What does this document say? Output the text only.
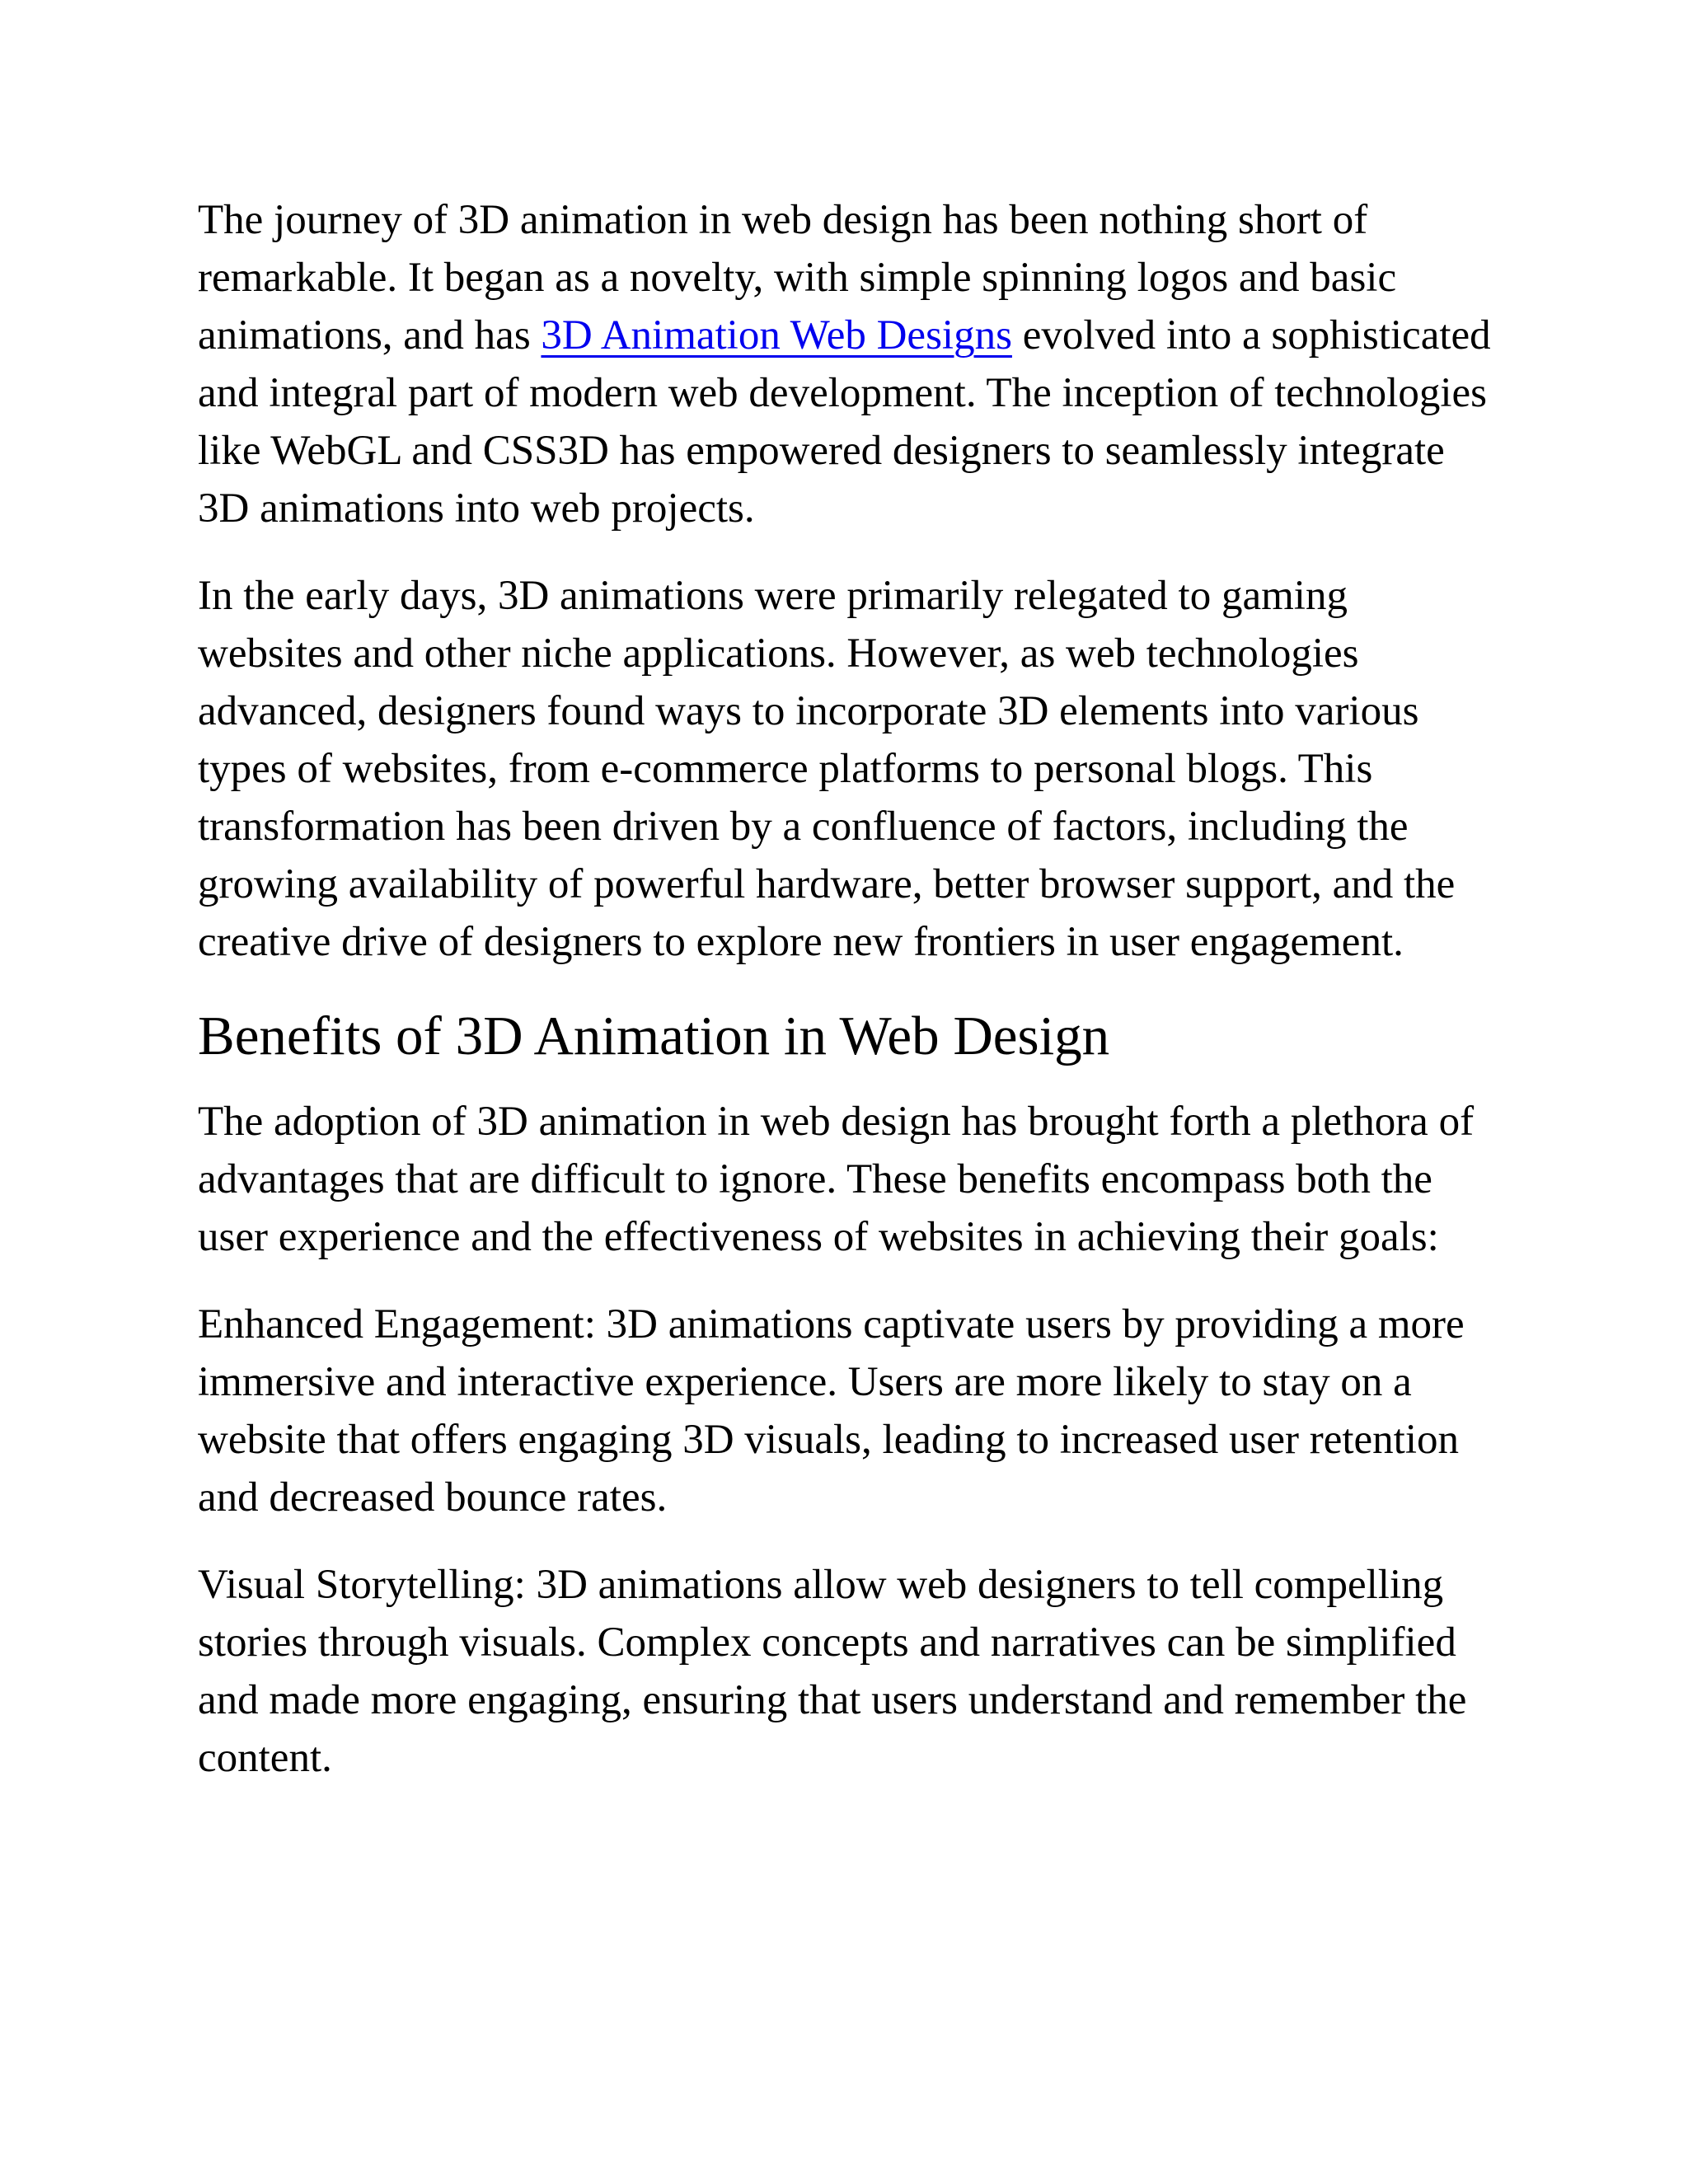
The journey of 3D animation in web design has been nothing short of remarkable. It began as a novelty, with simple spinning logos and basic animations, and has 3D Animation Web Designs evolved into a sophisticated and integral part of modern web development. The inception of technologies like WebGL and CSS3D has empowered designers to seamlessly integrate 3D animations into web projects.

In the early days, 3D animations were primarily relegated to gaming websites and other niche applications. However, as web technologies advanced, designers found ways to incorporate 3D elements into various types of websites, from e-commerce platforms to personal blogs. This transformation has been driven by a confluence of factors, including the growing availability of powerful hardware, better browser support, and the creative drive of designers to explore new frontiers in user engagement.

Benefits of 3D Animation in Web Design

The adoption of 3D animation in web design has brought forth a plethora of advantages that are difficult to ignore. These benefits encompass both the user experience and the effectiveness of websites in achieving their goals:

Enhanced Engagement: 3D animations captivate users by providing a more immersive and interactive experience. Users are more likely to stay on a website that offers engaging 3D visuals, leading to increased user retention and decreased bounce rates.

Visual Storytelling: 3D animations allow web designers to tell compelling stories through visuals. Complex concepts and narratives can be simplified and made more engaging, ensuring that users understand and remember the content.
